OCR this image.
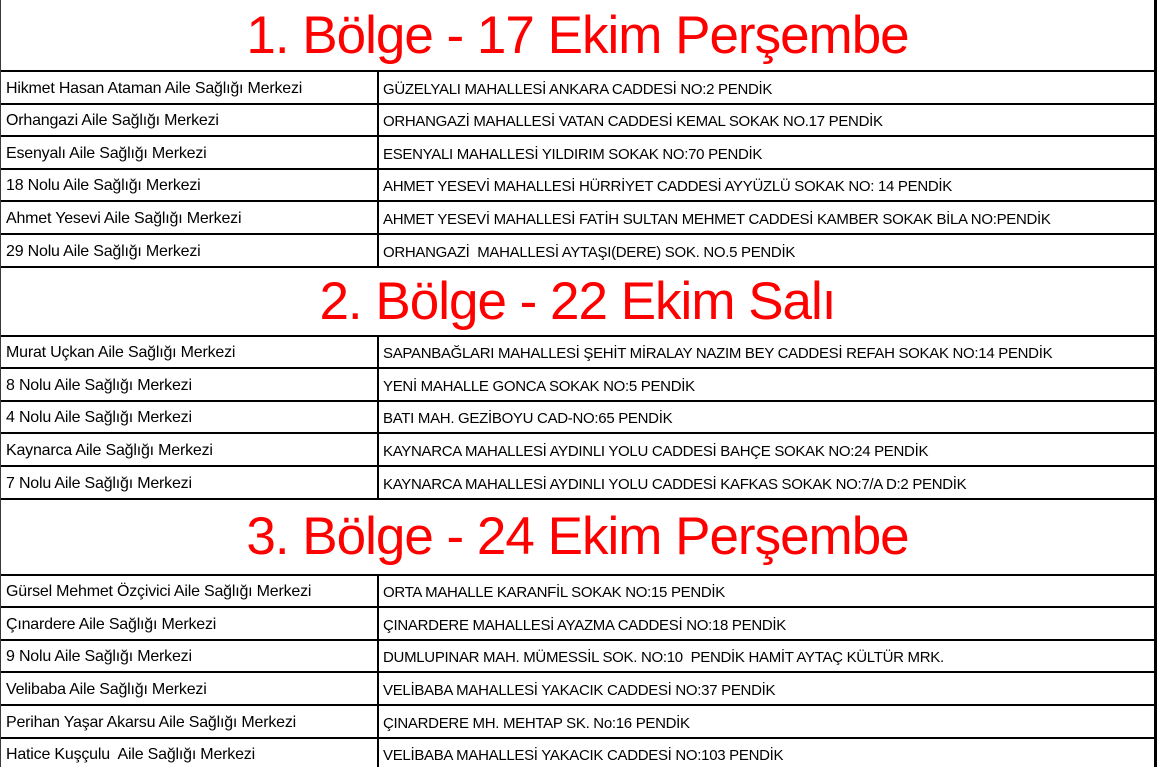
1. Bölge - 17 Ekim Perşembe
Hikmet Hasan Ataman Aile Sağlığı Merkezi	GÜZELYALI MAHALLESİ ANKARA CADDESİ NO:2 PENDİK
Orhangazi Aile Sağlığı Merkezi	ORHANGAZİ MAHALLESİ VATAN CADDESİ KEMAL SOKAK NO.17 PENDİK
Esenyalı Aile Sağlığı Merkezi	ESENYALI MAHALLESİ YILDIRIM SOKAK NO:70 PENDİK
18 Nolu Aile Sağlığı Merkezi	AHMET YESEVİ MAHALLESİ HÜRRİYET CADDESİ AYYÜZLÜ SOKAK NO: 14 PENDİK
Ahmet Yesevi Aile Sağlığı Merkezi	AHMET YESEVİ MAHALLESİ FATİH SULTAN MEHMET CADDESİ KAMBER SOKAK BİLA NO:PENDİK
29 Nolu Aile Sağlığı Merkezi	ORHANGAZİ  MAHALLESİ AYTAŞI(DERE) SOK. NO.5 PENDİK
2. Bölge - 22 Ekim Salı
Murat Uçkan Aile Sağlığı Merkezi	SAPANBAĞLARI MAHALLESİ ŞEHİT MİRALAY NAZIM BEY CADDESİ REFAH SOKAK NO:14 PENDİK
8 Nolu Aile Sağlığı Merkezi	YENİ MAHALLE GONCA SOKAK NO:5 PENDİK
4 Nolu Aile Sağlığı Merkezi	BATI MAH. GEZİBOYU CAD-NO:65 PENDİK
Kaynarca Aile Sağlığı Merkezi	KAYNARCA MAHALLESİ AYDINLI YOLU CADDESİ BAHÇE SOKAK NO:24 PENDİK
7 Nolu Aile Sağlığı Merkezi	KAYNARCA MAHALLESİ AYDINLI YOLU CADDESİ KAFKAS SOKAK NO:7/A D:2 PENDİK
3. Bölge - 24 Ekim Perşembe
Gürsel Mehmet Özçivici Aile Sağlığı Merkezi	ORTA MAHALLE KARANFİL SOKAK NO:15 PENDİK
Çınardere Aile Sağlığı Merkezi	ÇINARDERE MAHALLESİ AYAZMA CADDESİ NO:18 PENDİK
9 Nolu Aile Sağlığı Merkezi	DUMLUPINAR MAH. MÜMESSİL SOK. NO:10  PENDİK HAMİT AYTAÇ KÜLTÜR MRK.
Velibaba Aile Sağlığı Merkezi	VELİBABA MAHALLESİ YAKACIK CADDESİ NO:37 PENDİK
Perihan Yaşar Akarsu Aile Sağlığı Merkezi	ÇINARDERE MH. MEHTAP SK. No:16 PENDİK
Hatice Kuşçulu  Aile Sağlığı Merkezi	VELİBABA MAHALLESİ YAKACIK CADDESİ NO:103 PENDİK
